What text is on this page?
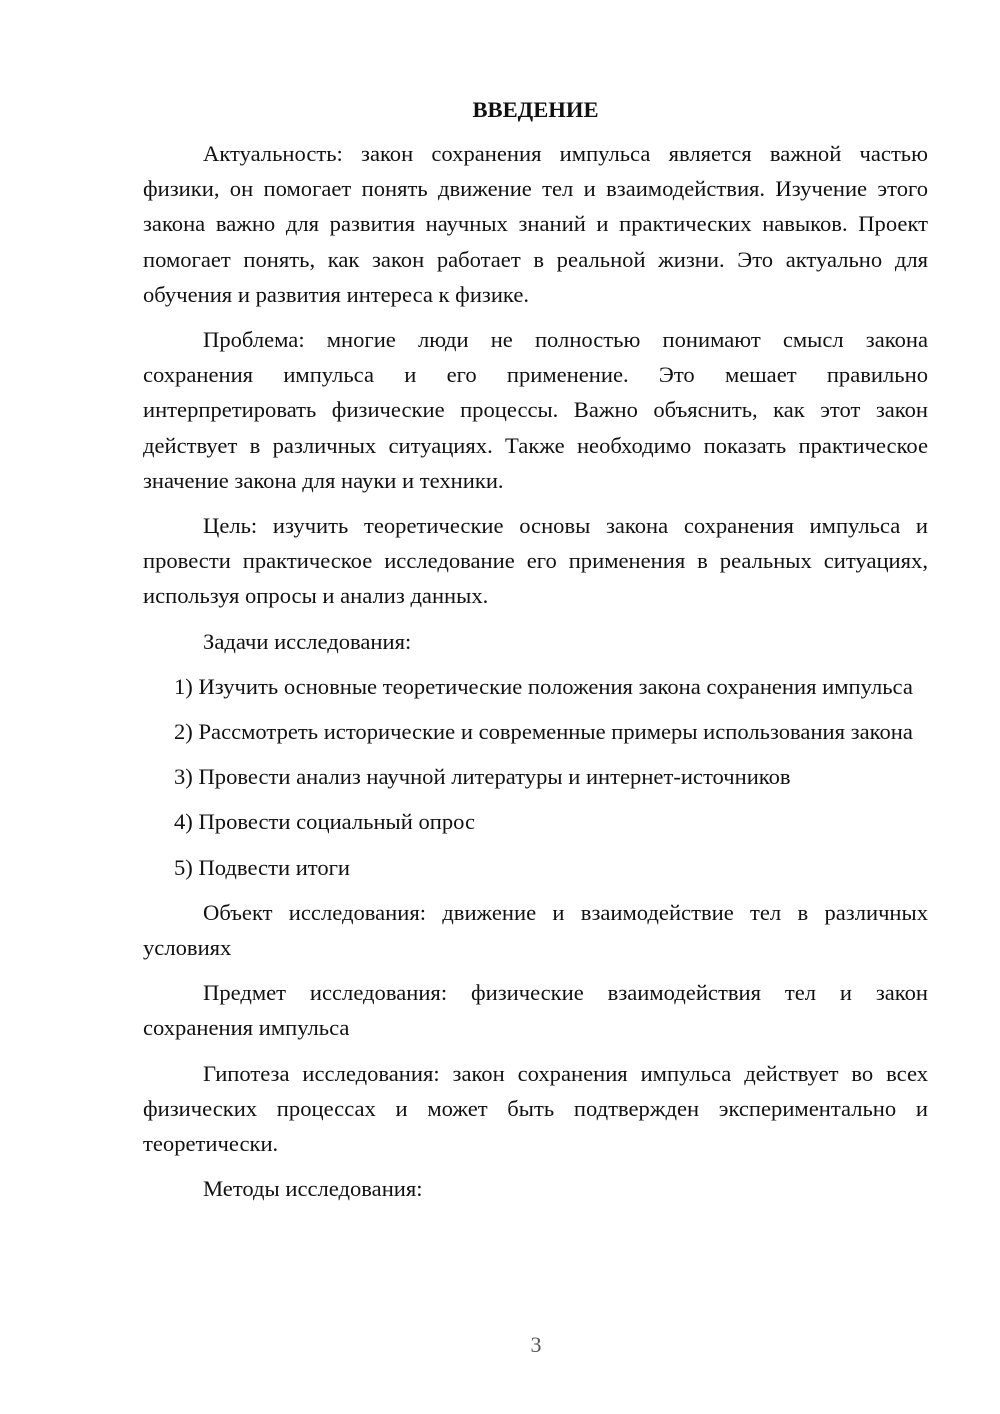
ВВЕДЕНИЕ

Актуальность: закон сохранения импульса является важной частью физики, он помогает понять движение тел и взаимодействия. Изучение этого закона важно для развития научных знаний и практических навыков. Проект помогает понять, как закон работает в реальной жизни. Это актуально для обучения и развития интереса к физике.

Проблема: многие люди не полностью понимают смысл закона сохранения импульса и его применение. Это мешает правильно интерпретировать физические процессы. Важно объяснить, как этот закон действует в различных ситуациях. Также необходимо показать практическое значение закона для науки и техники.

Цель: изучить теоретические основы закона сохранения импульса и провести практическое исследование его применения в реальных ситуациях, используя опросы и анализ данных.

Задачи исследования:

1) Изучить основные теоретические положения закона сохранения импульса

2) Рассмотреть исторические и современные примеры использования закона

3) Провести анализ научной литературы и интернет-источников

4) Провести социальный опрос

5) Подвести итоги

Объект исследования: движение и взаимодействие тел в различных условиях

Предмет исследования: физические взаимодействия тел и закон сохранения импульса

Гипотеза исследования: закон сохранения импульса действует во всех физических процессах и может быть подтвержден экспериментально и теоретически.

Методы исследования:

3
